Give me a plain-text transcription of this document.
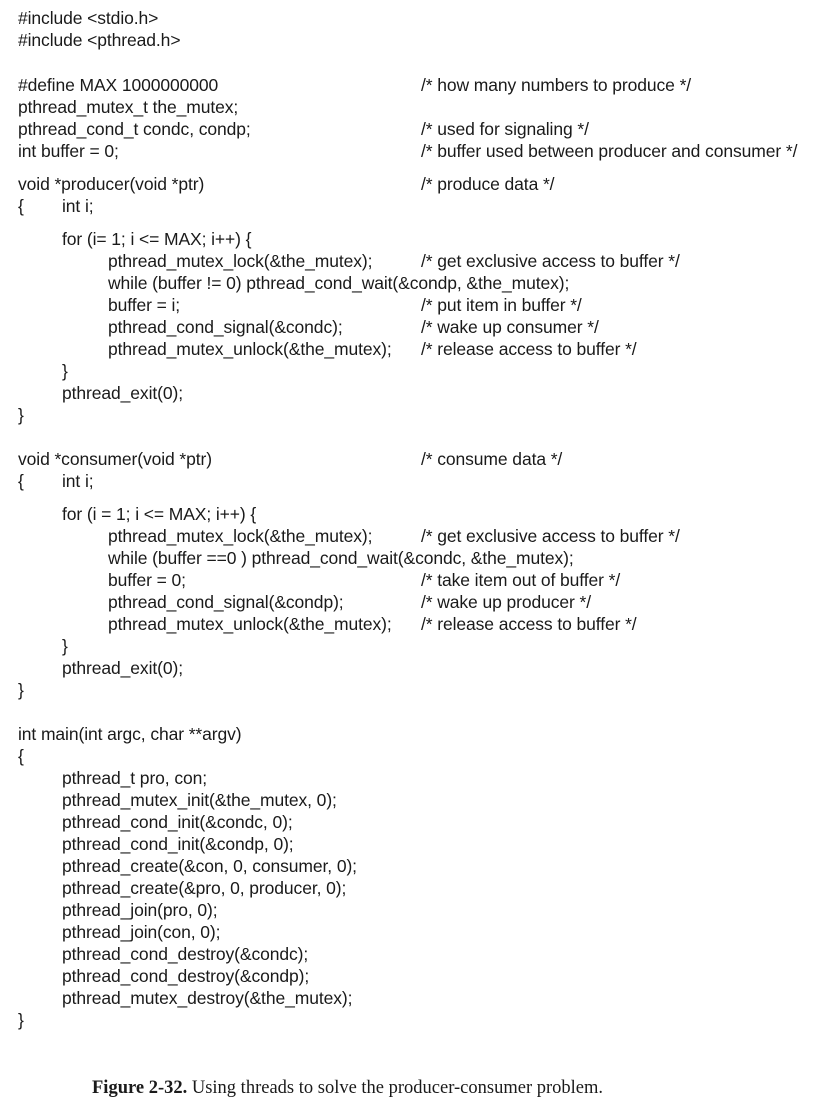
#include <stdio.h>
#include <pthread.h>
#define MAX 1000000000	/* how many numbers to produce */
pthread_mutex_t the_mutex;
pthread_cond_t condc, condp;	/* used for signaling */
int buffer = 0;	/* buffer used between producer and consumer */
void *producer(void *ptr)	/* produce data */
{ int i;
for (i= 1; i <= MAX; i++) {
pthread_mutex_lock(&the_mutex);	/* get exclusive access to buffer */
while (buffer != 0) pthread_cond_wait(&condp, &the_mutex);
buffer = i;	/* put item in buffer */
pthread_cond_signal(&condc);	/* wake up consumer */
pthread_mutex_unlock(&the_mutex); /* release access to buffer */
}
pthread_exit(0);
}
void *consumer(void *ptr)	/* consume data */
{ int i;
for (i = 1; i <= MAX; i++) {
pthread_mutex_lock(&the_mutex);	/* get exclusive access to buffer */
while (buffer ==0 ) pthread_cond_wait(&condc, &the_mutex);
buffer = 0;	/* take item out of buffer */
pthread_cond_signal(&condp);	/* wake up producer */
pthread_mutex_unlock(&the_mutex); /* release access to buffer */
}
pthread_exit(0);
}
int main(int argc, char **argv)
{
pthread_t pro, con;
pthread_mutex_init(&the_mutex, 0);
pthread_cond_init(&condc, 0);
pthread_cond_init(&condp, 0);
pthread_create(&con, 0, consumer, 0);
pthread_create(&pro, 0, producer, 0);
pthread_join(pro, 0);
pthread_join(con, 0);
pthread_cond_destroy(&condc);
pthread_cond_destroy(&condp);
pthread_mutex_destroy(&the_mutex);
}
Figure 2-32. Using threads to solve the producer-consumer problem.
